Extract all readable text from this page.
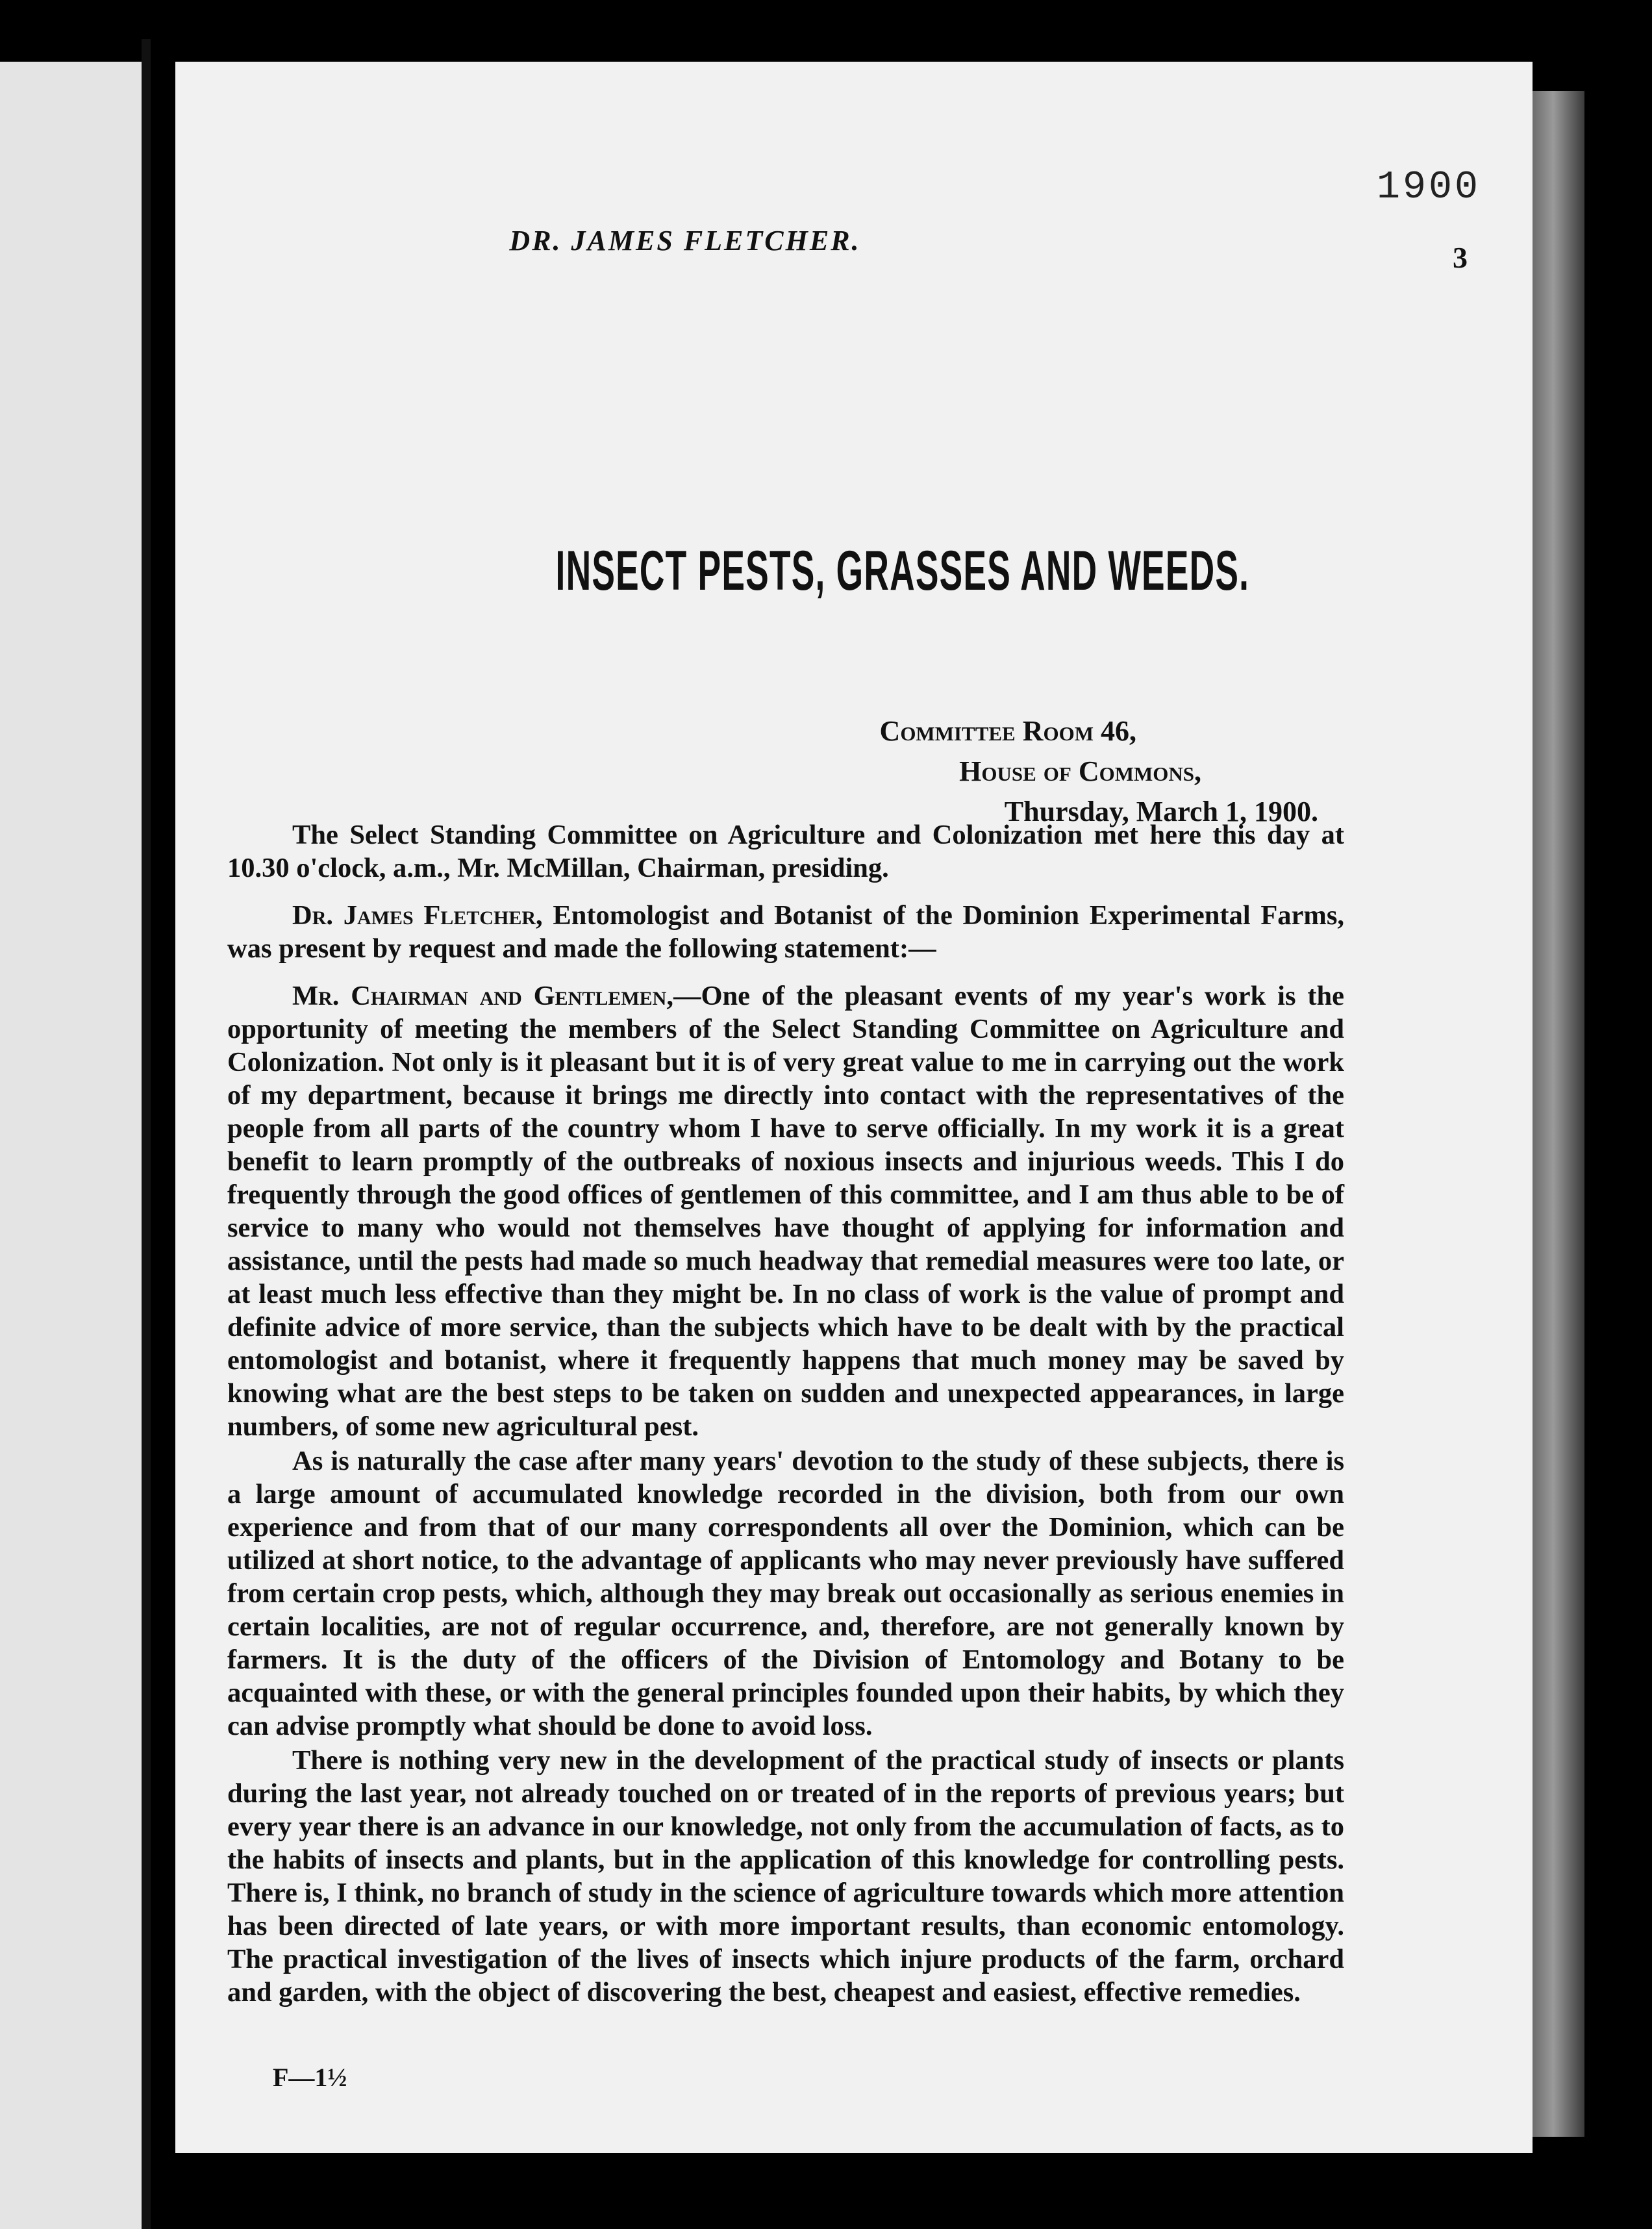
1900
DR. JAMES FLETCHER.
3
INSECT PESTS, GRASSES AND WEEDS.
Committee Room 46,
House of Commons,
Thursday, March 1, 1900.

The Select Standing Committee on Agriculture and Colonization met here this day at 10.30 o'clock, a.m., Mr. McMillan, Chairman, presiding.

Dr. James Fletcher, Entomologist and Botanist of the Dominion Experimental Farms, was present by request and made the following statement:—

Mr. Chairman and Gentlemen,—One of the pleasant events of my year's work is the opportunity of meeting the members of the Select Standing Committee on Agriculture and Colonization. Not only is it pleasant but it is of very great value to me in carrying out the work of my department, because it brings me directly into contact with the representatives of the people from all parts of the country whom I have to serve officially. In my work it is a great benefit to learn promptly of the outbreaks of noxious insects and injurious weeds. This I do frequently through the good offices of gentlemen of this committee, and I am thus able to be of service to many who would not themselves have thought of applying for information and assistance, until the pests had made so much headway that remedial measures were too late, or at least much less effective than they might be. In no class of work is the value of prompt and definite advice of more service, than the subjects which have to be dealt with by the practical entomologist and botanist, where it frequently happens that much money may be saved by knowing what are the best steps to be taken on sudden and unexpected appearances, in large numbers, of some new agricultural pest.

As is naturally the case after many years' devotion to the study of these subjects, there is a large amount of accumulated knowledge recorded in the division, both from our own experience and from that of our many correspondents all over the Dominion, which can be utilized at short notice, to the advantage of applicants who may never previously have suffered from certain crop pests, which, although they may break out occasionally as serious enemies in certain localities, are not of regular occurrence, and, therefore, are not generally known by farmers. It is the duty of the officers of the Division of Entomology and Botany to be acquainted with these, or with the general principles founded upon their habits, by which they can advise promptly what should be done to avoid loss.

There is nothing very new in the development of the practical study of insects or plants during the last year, not already touched on or treated of in the reports of previous years; but every year there is an advance in our knowledge, not only from the accumulation of facts, as to the habits of insects and plants, but in the application of this knowledge for controlling pests. There is, I think, no branch of study in the science of agriculture towards which more attention has been directed of late years, or with more important results, than economic entomology. The practical investigation of the lives of insects which injure products of the farm, orchard and garden, with the object of discovering the best, cheapest and easiest, effective remedies.

F—1½
